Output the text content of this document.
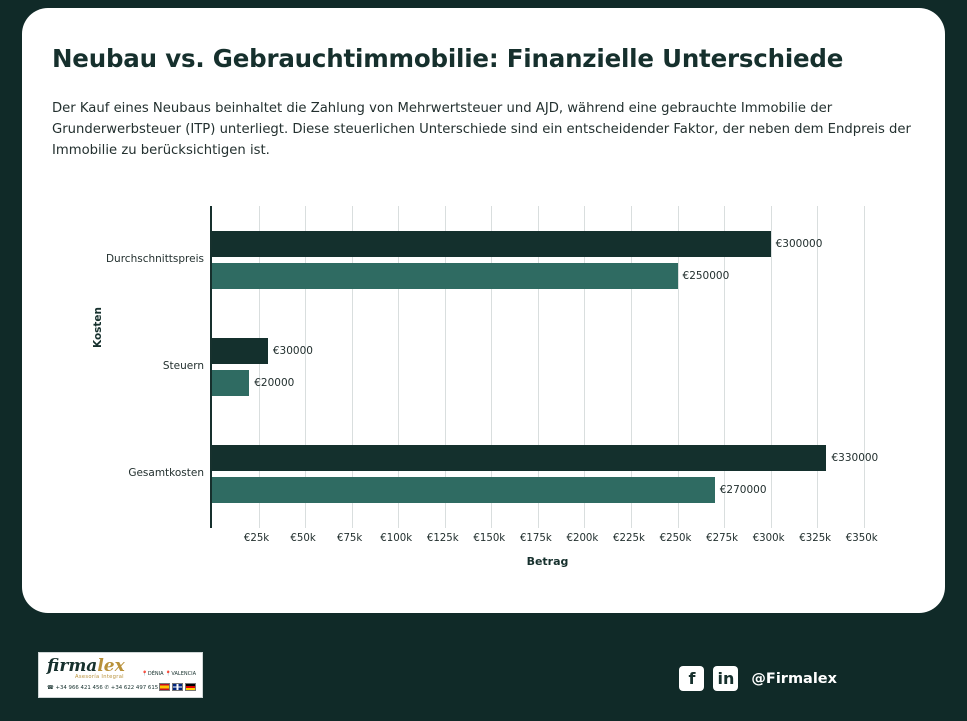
Neubau vs. Gebrauchtimmobilie: Finanzielle Unterschiede
Der Kauf eines Neubaus beinhaltet die Zahlung von Mehrwertsteuer und AJD, während eine gebrauchte Immobilie der Grunderwerbsteuer (ITP) unterliegt. Diese steuerlichen Unterschiede sind ein entscheidender Faktor, der neben dem Endpreis der Immobilie zu berücksichtigen ist.
Kosten
Durchschnittspreis
Steuern
Gesamtkosten
€300000
€250000
€30000
€20000
€330000
€270000
€25k €50k €75k €100k €125k €150k €175k €200k €225k €250k €275k €300k €325k €350k
Betrag
firmalex
Asesoría Integral
☎ +34 966 421 456 ✆ +34 622 497 615
📍DÉNIA 📍VALENCIA	f	in @Firmalex
